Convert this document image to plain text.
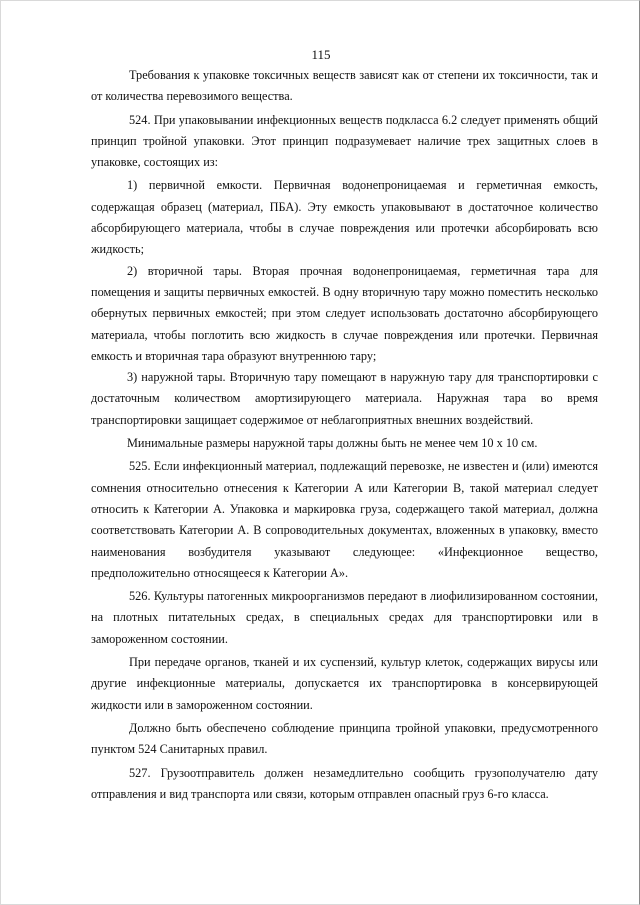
115

Требования к упаковке токсичных веществ зависят как от степени их токсичности, так и от количества перевозимого вещества.

524. При упаковывании инфекционных веществ подкласса 6.2 следует применять общий принцип тройной упаковки. Этот принцип подразумевает наличие трех защитных слоев в упаковке, состоящих из:

1) первичной емкости. Первичная водонепроницаемая и герметичная емкость, содержащая образец (материал, ПБА). Эту емкость упаковывают в достаточное количество абсорбирующего материала, чтобы в случае повреждения или протечки абсорбировать всю жидкость;

2) вторичной тары. Вторая прочная водонепроницаемая, герметичная тара для помещения и защиты первичных емкостей. В одну вторичную тару можно поместить несколько обернутых первичных емкостей; при этом следует использовать достаточно абсорбирующего материала, чтобы поглотить всю жидкость в случае повреждения или протечки. Первичная емкость и вторичная тара образуют внутреннюю тару;

3) наружной тары. Вторичную тару помещают в наружную тару для транспортировки с достаточным количеством амортизирующего материала. Наружная тара во время транспортировки защищает содержимое от неблагоприятных внешних воздействий.

Минимальные размеры наружной тары должны быть не менее чем 10 х 10 см.

525. Если инфекционный материал, подлежащий перевозке, не известен и (или) имеются сомнения относительно отнесения к Категории А или Категории В, такой материал следует относить к Категории А. Упаковка и маркировка груза, содержащего такой материал, должна соответствовать Категории А. В сопроводительных документах, вложенных в упаковку, вместо наименования возбудителя указывают следующее: «Инфекционное вещество, предположительно относящееся к Категории А».

526. Культуры патогенных микроорганизмов передают в лиофилизированном состоянии, на плотных питательных средах, в специальных средах для транспортировки или в замороженном состоянии.

При передаче органов, тканей и их суспензий, культур клеток, содержащих вирусы или другие инфекционные материалы, допускается их транспортировка в консервирующей жидкости или в замороженном состоянии.

Должно быть обеспечено соблюдение принципа тройной упаковки, предусмотренного пунктом 524 Санитарных правил.

527. Грузоотправитель должен незамедлительно сообщить грузополучателю дату отправления и вид транспорта или связи, которым отправлен опасный груз 6-го класса.
